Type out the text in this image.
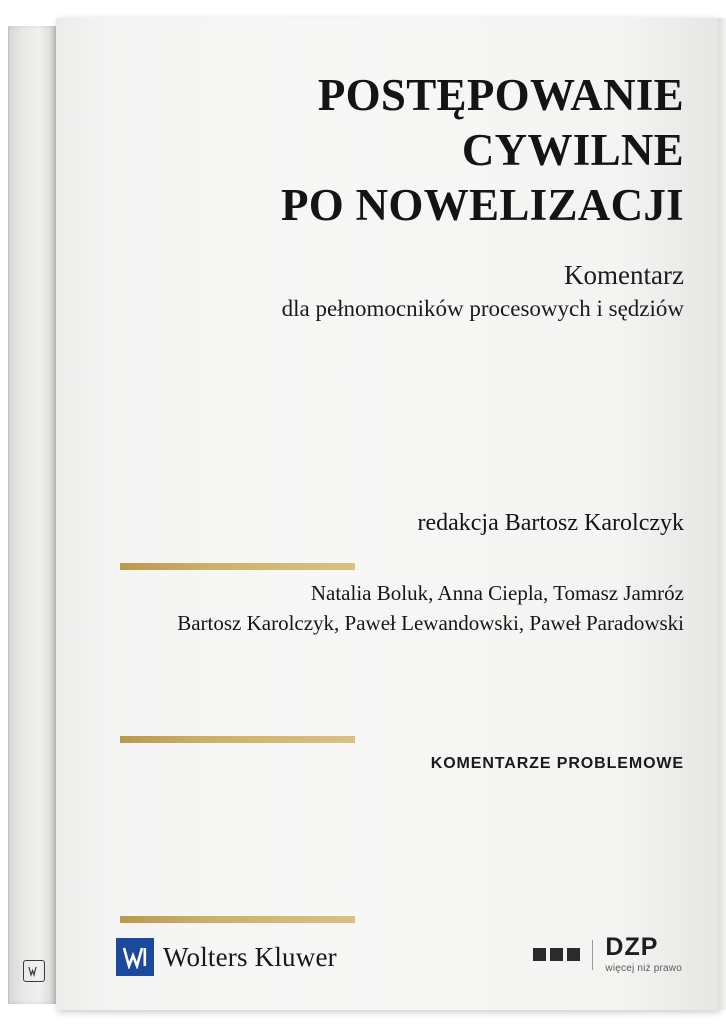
POSTĘPOWANIE
CYWILNE
PO NOWELIZACJI
Komentarz
dla pełnomocników procesowych i sędziów
redakcja Bartosz Karolczyk
Natalia Boluk, Anna Ciepla, Tomasz Jamróz
Bartosz Karolczyk, Paweł Lewandowski, Paweł Paradowski
KOMENTARZE PROBLEMOWE
Wolters Kluwer	DZP
więcej niż prawo
